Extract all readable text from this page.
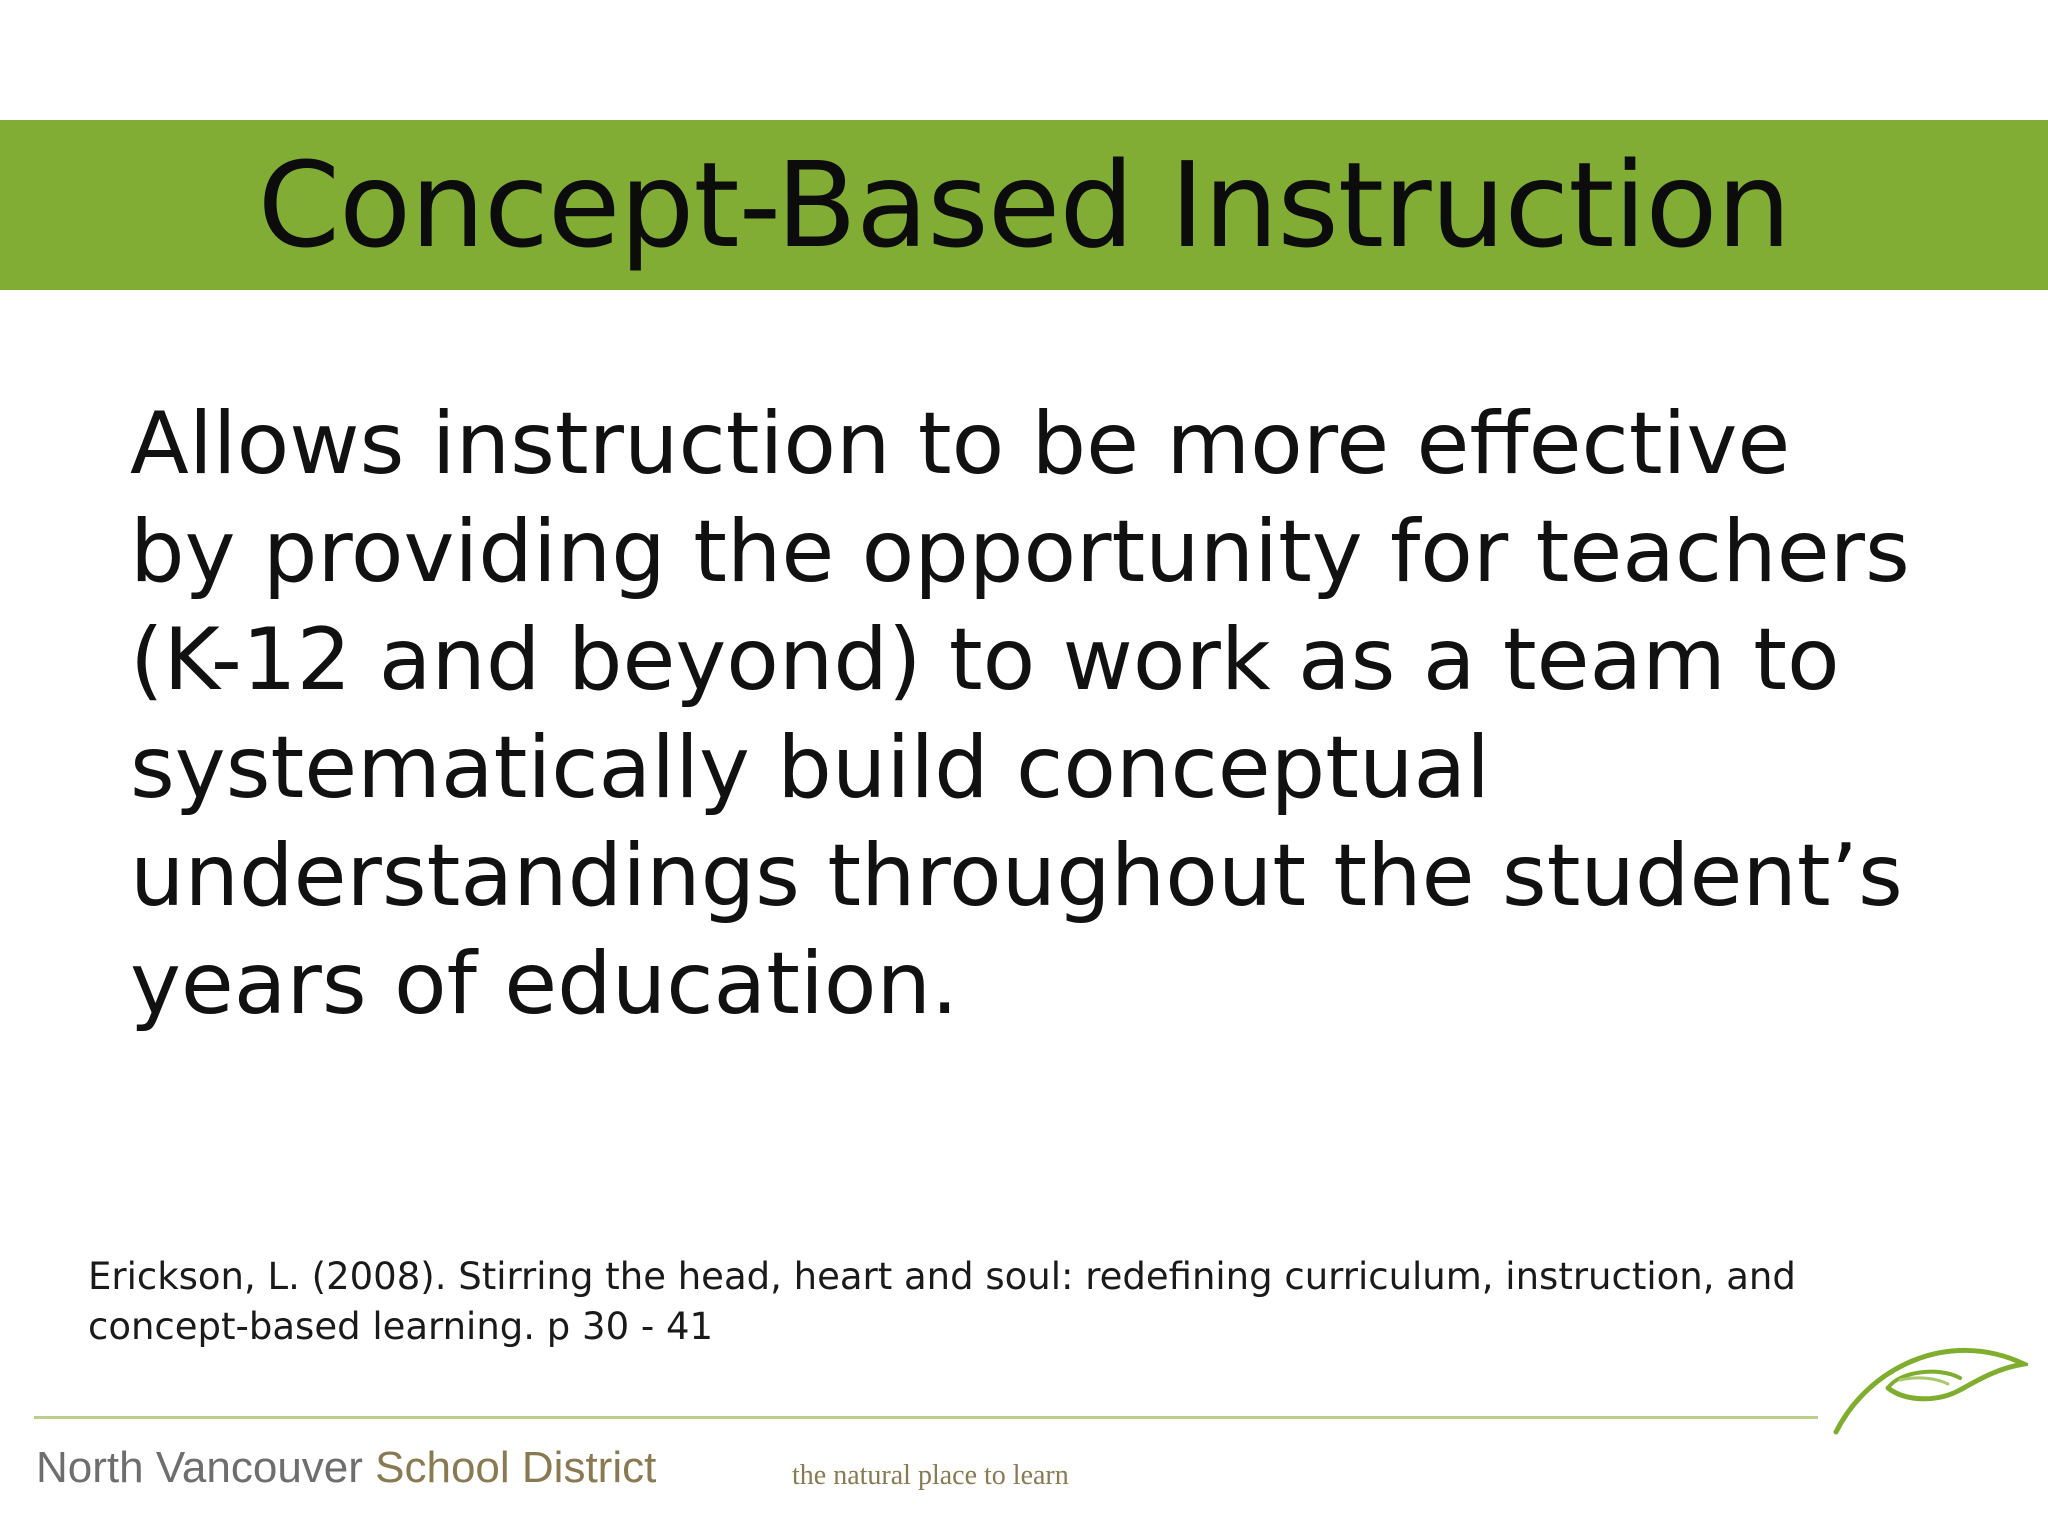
Concept-Based Instruction
Allows instruction to be more effective
by providing the opportunity for teachers
(K-12 and beyond) to work as a team to
systematically build conceptual
understandings throughout the student’s
years of education.
Erickson, L. (2008). Stirring the head, heart and soul: redefining curriculum, instruction, and
concept-based learning. p 30 - 41
North Vancouver School District	the natural place to learn
